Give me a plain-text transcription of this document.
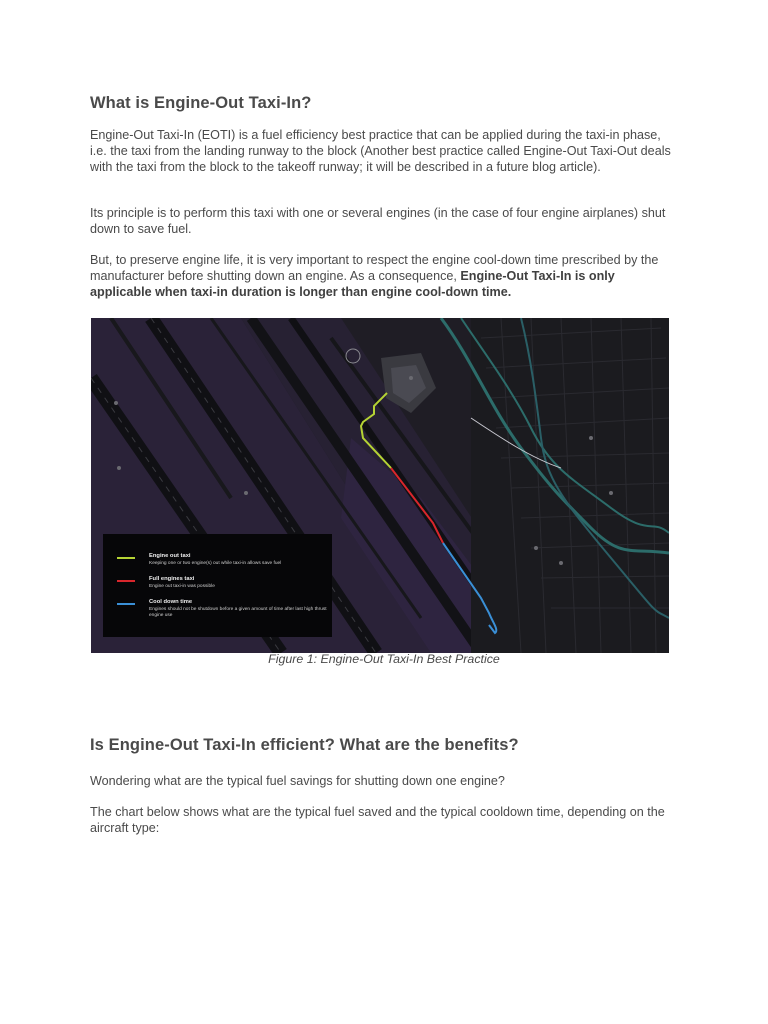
What is Engine-Out Taxi-In?

Engine-Out Taxi-In (EOTI) is a fuel efficiency best practice that can be applied during the taxi-in phase, i.e. the taxi from the landing runway to the block (Another best practice called Engine-Out Taxi-Out deals with the taxi from the block to the takeoff runway; it will be described in a future blog article).

Its principle is to perform this taxi with one or several engines (in the case of four engine airplanes) shut down to save fuel.

But, to preserve engine life, it is very important to respect the engine cool-down time prescribed by the manufacturer before shutting down an engine. As a consequence, Engine-Out Taxi-In is only applicable when taxi-in duration is longer than engine cool-down time.

Engine out taxi
Keeping one or two engine(s) out while taxi-in allows save fuel
Full engines taxi
Engine out taxi-in was possible
Cool down time
Engines should not be shutdown before a given amount of time after last high thrust engine use
Figure 1: Engine-Out Taxi-In Best Practice
Is Engine-Out Taxi-In efficient? What are the benefits?

Wondering what are the typical fuel savings for shutting down one engine?

The chart below shows what are the typical fuel saved and the typical cooldown time, depending on the aircraft type:
